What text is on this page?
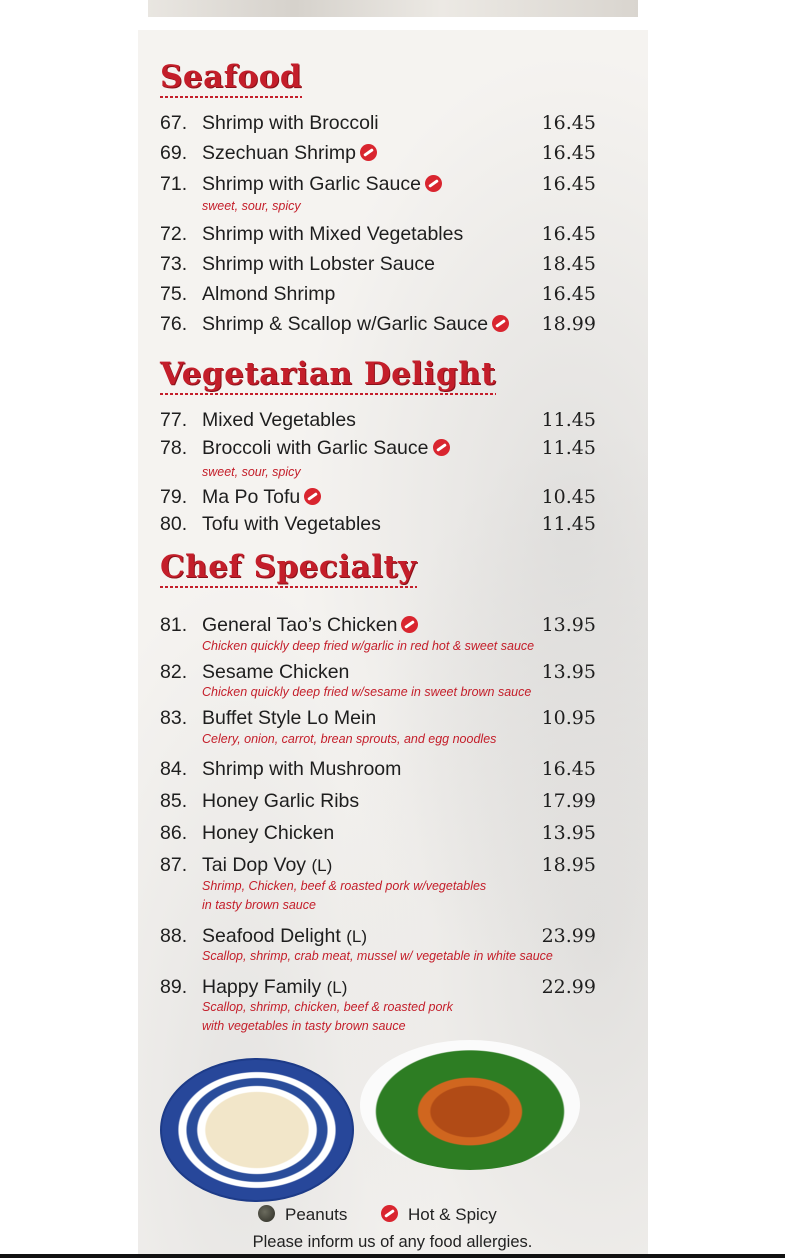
Seafood
67. Shrimp with Broccoli	16.45
69. Szechuan Shrimp	16.45
71. Shrimp with Garlic Sauce	16.45
sweet, sour, spicy
72. Shrimp with Mixed Vegetables	16.45
73. Shrimp with Lobster Sauce	18.45
75. Almond Shrimp	16.45
76. Shrimp & Scallop w/Garlic Sauce	18.99
Vegetarian Delight
77. Mixed Vegetables	11.45
78. Broccoli with Garlic Sauce	11.45
sweet, sour, spicy
79. Ma Po Tofu	10.45
80. Tofu with Vegetables	11.45
Chef Specialty
81. General Tao’s Chicken	13.95
Chicken quickly deep fried w/garlic in red hot & sweet sauce
82. Sesame Chicken	13.95
Chicken quickly deep fried w/sesame in sweet brown sauce
83. Buffet Style Lo Mein	10.95
Celery, onion, carrot, brean sprouts, and egg noodles
84. Shrimp with Mushroom	16.45
85. Honey Garlic Ribs	17.99
86. Honey Chicken	13.95
87. Tai Dop Voy (L)	18.95
Shrimp, Chicken, beef & roasted pork w/vegetables
in tasty brown sauce
88. Seafood Delight (L)	23.99
Scallop, shrimp, crab meat, mussel w/ vegetable in white sauce
89. Happy Family (L)	22.99
Scallop, shrimp, chicken, beef & roasted pork
with vegetables in tasty brown sauce
Peanuts	Hot & Spicy
Please inform us of any food allergies.
